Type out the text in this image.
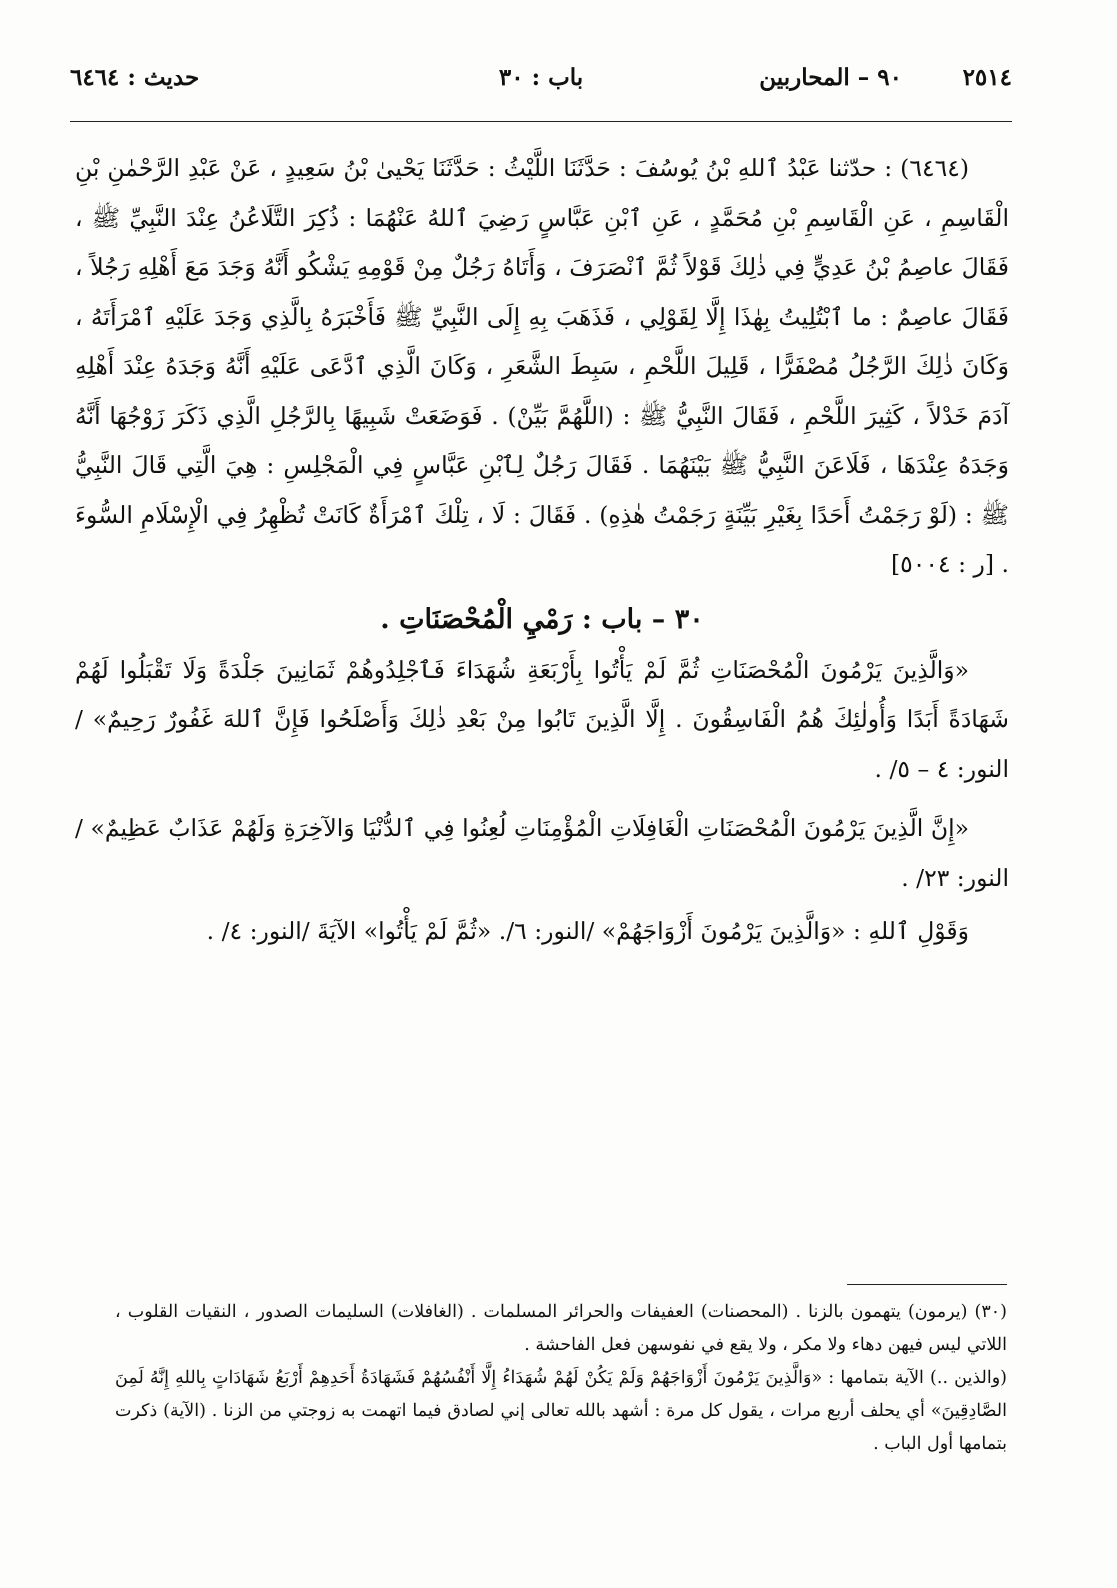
٢٥١٤
٩٠ – المحاربين
باب : ٣٠
حديث : ٦٤٦٤

(٦٤٦٤) : حدّثنا عَبْدُ ٱللهِ بْنُ يُوسُفَ : حَدَّثَنَا اللَّيْثُ : حَدَّثَنَا يَحْيىٰ بْنُ سَعِيدٍ ، عَنْ عَبْدِ الرَّحْمٰنِ بْنِ الْقَاسِمِ ، عَنِ الْقَاسِمِ بْنِ مُحَمَّدٍ ، عَنِ ٱبْنِ عَبَّاسٍ رَضِيَ ٱللهُ عَنْهُمَا : ذُكِرَ التَّلَاعُنُ عِنْدَ النَّبِيِّ ﷺ ، فَقَالَ عاصِمُ بْنُ عَدِيٍّ فِي ذٰلِكَ قَوْلاً ثُمَّ ٱنْصَرَفَ ، وَأَتَاهُ رَجُلٌ مِنْ قَوْمِهِ يَشْكُو أَنَّهُ وَجَدَ مَعَ أَهْلِهِ رَجُلاً ، فَقَالَ عاصِمٌ : ما ٱبْتُلِيتُ بِهٰذَا إِلَّا لِقَوْلِي ، فَذَهَبَ بِهِ إِلَى النَّبِيِّ ﷺ فَأَخْبَرَهُ بِالَّذِي وَجَدَ عَلَيْهِ ٱمْرَأَتَهُ ، وَكَانَ ذٰلِكَ الرَّجُلُ مُصْفَرًّا ، قَلِيلَ اللَّحْمِ ، سَبِطَ الشَّعَرِ ، وَكَانَ الَّذِي ٱدَّعَى عَلَيْهِ أَنَّهُ وَجَدَهُ عِنْدَ أَهْلِهِ آدَمَ خَدْلاً ، كَثِيرَ اللَّحْمِ ، فَقَالَ النَّبِيُّ ﷺ : (اللَّهُمَّ بَيِّنْ) . فَوَضَعَتْ شَبِيهًا بِالرَّجُلِ الَّذِي ذَكَرَ زَوْجُهَا أَنَّهُ وَجَدَهُ عِنْدَهَا ، فَلَاعَنَ النَّبِيُّ ﷺ بَيْنَهُمَا . فَقَالَ رَجُلٌ لِٱبْنِ عَبَّاسٍ فِي الْمَجْلِسِ : هِيَ الَّتِي قَالَ النَّبِيُّ ﷺ : (لَوْ رَجَمْتُ أَحَدًا بِغَيْرِ بَيِّنَةٍ رَجَمْتُ هٰذِهِ) . فَقَالَ : لَا ، تِلْكَ ٱمْرَأَةٌ كَانَتْ تُظْهِرُ فِي الْإِسْلَامِ السُّوءَ . [ر : ٥٠٠٤]

٣٠ – باب : رَمْيِ الْمُحْصَنَاتِ .

«وَالَّذِينَ يَرْمُونَ الْمُحْصَنَاتِ ثُمَّ لَمْ يَأْتُوا بِأَرْبَعَةِ شُهَدَاءَ فَٱجْلِدُوهُمْ ثَمَانِينَ جَلْدَةً وَلَا تَقْبَلُوا لَهُمْ شَهَادَةً أَبَدًا وَأُولٰئِكَ هُمُ الْفَاسِقُونَ . إِلَّا الَّذِينَ تَابُوا مِنْ بَعْدِ ذٰلِكَ وَأَصْلَحُوا فَإِنَّ ٱللهَ غَفُورٌ رَحِيمٌ» /النور: ٤ – ٥/ .

«إِنَّ الَّذِينَ يَرْمُونَ الْمُحْصَنَاتِ الْغَافِلَاتِ الْمُؤْمِنَاتِ لُعِنُوا فِي ٱلدُّنْيَا وَالآخِرَةِ وَلَهُمْ عَذَابٌ عَظِيمٌ» /النور: ٢٣/ .

وَقَوْلِ ٱللهِ : «وَالَّذِينَ يَرْمُونَ أَزْوَاجَهُمْ» /النور: ٦/. «ثُمَّ لَمْ يَأْتُوا» الآيَةَ /النور: ٤/ .

(٣٠) (يرمون) يتهمون بالزنا . (المحصنات) العفيفات والحرائر المسلمات . (الغافلات) السليمات الصدور ، النقيات القلوب ، اللاتي ليس فيهن دهاء ولا مكر ، ولا يقع في نفوسهن فعل الفاحشة .

(والذين ..) الآية بتمامها : «وَالَّذِينَ يَرْمُونَ أَزْوَاجَهُمْ وَلَمْ يَكُنْ لَهُمْ شُهَدَاءُ إِلَّا أَنْفُسُهُمْ فَشَهَادَةُ أَحَدِهِمْ أَرْبَعُ شَهَادَاتٍ بِاللهِ إِنَّهُ لَمِنَ الصَّادِقِينَ» أي يحلف أربع مرات ، يقول كل مرة : أشهد بالله تعالى إني لصادق فيما اتهمت به زوجتي من الزنا . (الآية) ذكرت بتمامها أول الباب .
